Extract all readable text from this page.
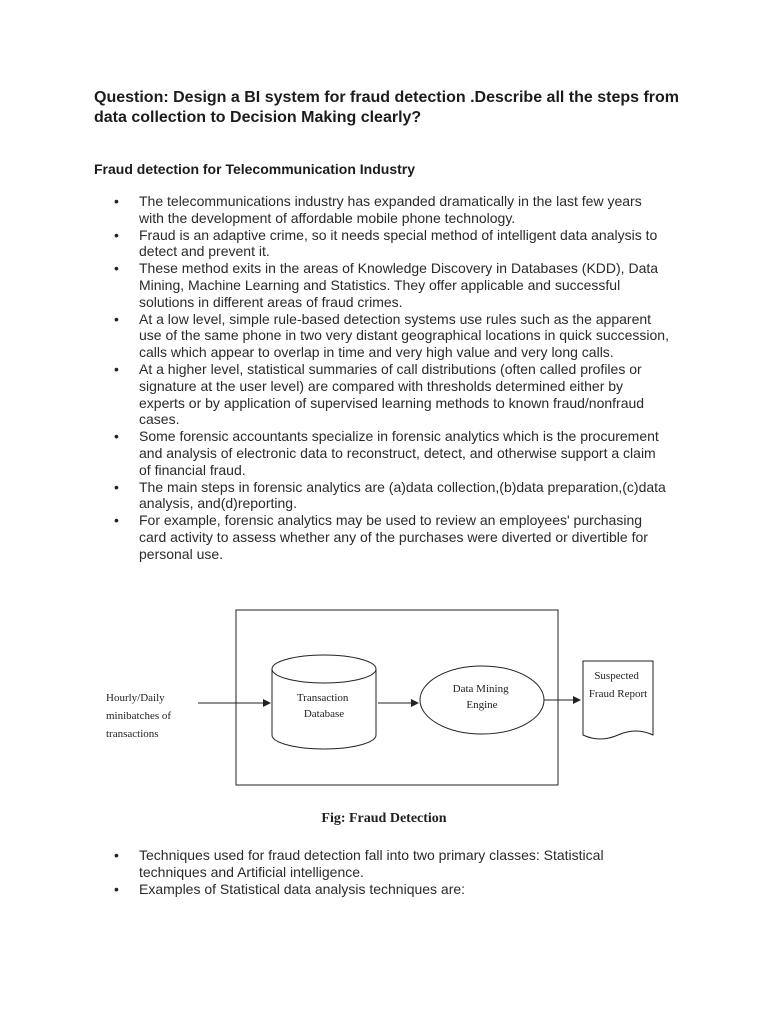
Question: Design a BI system for fraud detection .Describe all the steps from data collection to Decision Making clearly?

Fraud detection for Telecommunication Industry

• The telecommunications industry has expanded dramatically in the last few years with the development of affordable mobile phone technology.
• Fraud is an adaptive crime, so it needs special method of intelligent data analysis to detect and prevent it.
• These method exits in the areas of Knowledge Discovery in Databases (KDD), Data Mining, Machine Learning and Statistics. They offer applicable and successful solutions in different areas of fraud crimes.
• At a low level, simple rule-based detection systems use rules such as the apparent use of the same phone in two very distant geographical locations in quick succession, calls which appear to overlap in time and very high value and very long calls.
• At a higher level, statistical summaries of call distributions (often called profiles or signature at the user level) are compared with thresholds determined either by experts or by application of supervised learning methods to known fraud/nonfraud cases.
• Some forensic accountants specialize in forensic analytics which is the procurement and analysis of electronic data to reconstruct, detect, and otherwise support a claim of financial fraud.
• The main steps in forensic analytics are (a)data collection,(b)data preparation,(c)data analysis, and(d)reporting.
• For example, forensic analytics may be used to review an employees' purchasing card activity to assess whether any of the purchases were diverted or divertible for personal use.
Hourly/Daily minibatches of transactions
Transaction Database
Data Mining Engine
Suspected Fraud Report
Fig: Fraud Detection
• Techniques used for fraud detection fall into two primary classes: Statistical techniques and Artificial intelligence.
• Examples of Statistical data analysis techniques are:
